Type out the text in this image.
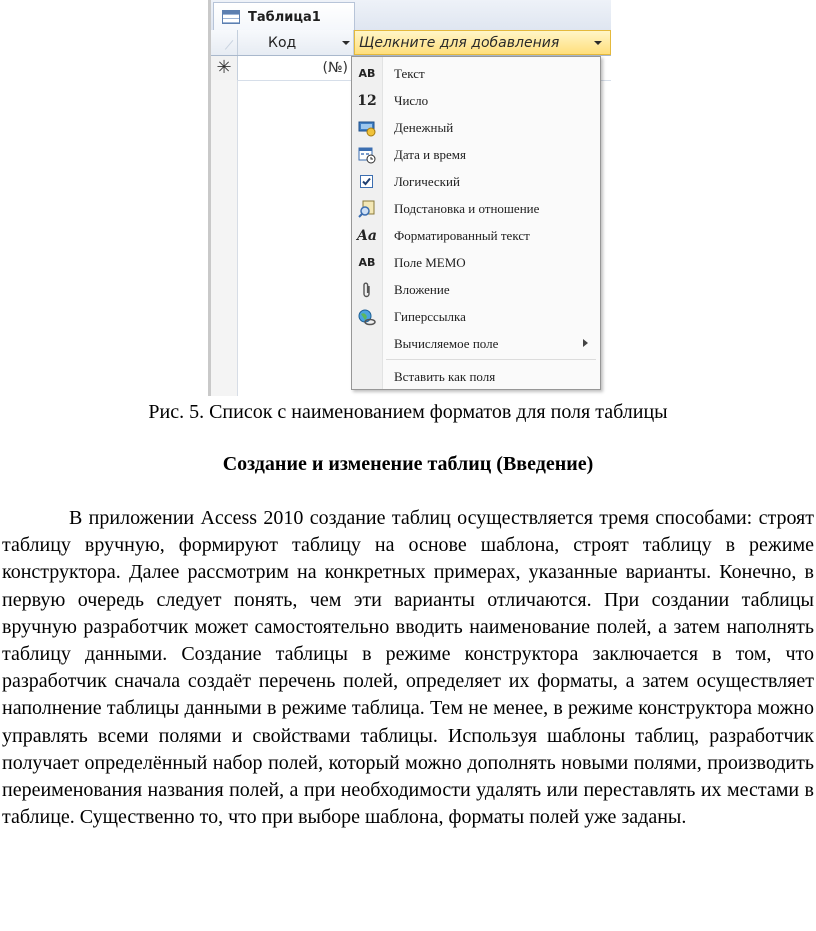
Таблица1
Код	Щелкните для добавления
✳	(№) AB	Текст
12	Число
Денежный
Дата и время
Логический
Подстановка и отношение
Aa	Форматированный текст
AB	Поле МЕМО
Вложение
Гиперссылка
Вычисляемое поле
Вставить как поля
Рис. 5. Список с наименованием форматов для поля таблицы
Создание и изменение таблиц (Введение)

В приложении Access 2010 создание таблиц осуществляется тремя способами: строят таблицу вручную, формируют таблицу на основе шаблона, строят таблицу в режиме конструктора. Далее рассмотрим на конкретных примерах, указанные варианты. Конечно, в первую очередь следует понять, чем эти варианты отличаются. При создании таблицы вручную разработчик может самостоятельно вводить наименование полей, а затем наполнять таблицу данными. Создание таблицы в режиме конструктора заключается в том, что разработчик сначала создаёт перечень полей, определяет их форматы, а затем осуществляет наполнение таблицы данными в режиме таблица. Тем не менее, в режиме конструктора можно управлять всеми полями и свойствами таблицы. Используя шаблоны таблиц, разработчик получает определённый набор полей, который можно дополнять новыми полями, производить переименования названия полей, а при необходимости удалять или переставлять их местами в таблице. Существенно то, что при выборе шаблона, форматы полей уже заданы.
